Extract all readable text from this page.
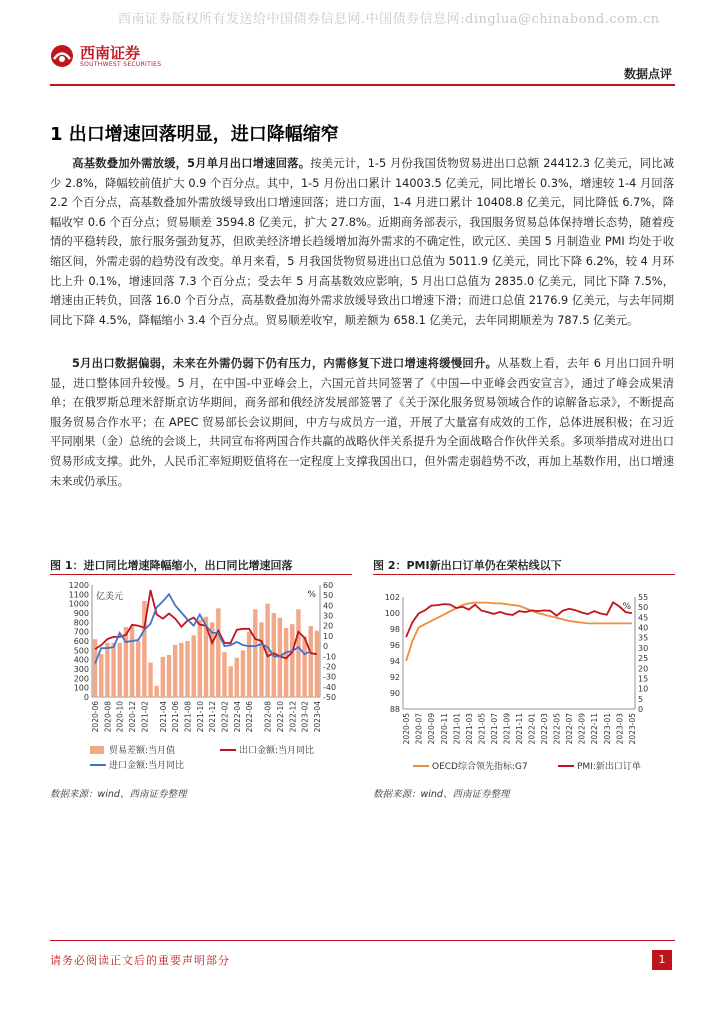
西南证券版权所有发送给中国债券信息网.中国债券信息网:dinglua@chinabond.com.cn
西南证券
SOUTHWEST SECURITIES
数据点评
1 出口增速回落明显，进口降幅缩窄
高基数叠加外需放缓，5月单月出口增速回落。按美元计，1-5 月份我国货物贸易进出口总额 24412.3 亿美元，同比减少 2.8%，降幅较前值扩大 0.9 个百分点。其中，1-5 月份出口累计 14003.5 亿美元，同比增长 0.3%，增速较 1-4 月回落 2.2 个百分点，高基数叠加外需放缓导致出口增速回落；进口方面，1-4 月进口累计 10408.8 亿美元，同比降低 6.7%，降幅收窄 0.6 个百分点；贸易顺差 3594.8 亿美元，扩大 27.8%。近期商务部表示，我国服务贸易总体保持增长态势，随着疫情的平稳转段，旅行服务强劲复苏，但欧美经济增长趋缓增加海外需求的不确定性，欧元区、美国 5 月制造业 PMI 均处于收缩区间，外需走弱的趋势没有改变。单月来看，5 月我国货物贸易进出口总值为 5011.9 亿美元，同比下降 6.2%，较 4 月环比上升 0.1%，增速回落 7.3 个百分点；受去年 5 月高基数效应影响，5 月出口总值为 2835.0 亿美元，同比下降 7.5%，增速由正转负，回落 16.0 个百分点，高基数叠加海外需求放缓导致出口增速下滑；而进口总值 2176.9 亿美元，与去年同期同比下降 4.5%，降幅缩小 3.4 个百分点。贸易顺差收窄，顺差额为 658.1 亿美元，去年同期顺差为 787.5 亿美元。
5月出口数据偏弱，未来在外需仍弱下仍有压力，内需修复下进口增速将缓慢回升。从基数上看，去年 6 月出口回升明显，进口整体回升较慢。5 月，在中国-中亚峰会上，六国元首共同签署了《中国—中亚峰会西安宣言》，通过了峰会成果清单；在俄罗斯总理米舒斯京访华期间，商务部和俄经济发展部签署了《关于深化服务贸易领域合作的谅解备忘录》，不断提高服务贸易合作水平；在 APEC 贸易部长会议期间，中方与成员方一道，开展了大量富有成效的工作，总体进展积极；在习近平同刚果（金）总统的会谈上，共同宣布将两国合作共赢的战略伙伴关系提升为全面战略合作伙伴关系。多项举措成对进出口贸易形成支撑。此外，人民币汇率短期贬值将在一定程度上支撑我国出口，但外需走弱趋势不改，再加上基数作用，出口增速未来或仍承压。
图 1：进口同比增速降幅缩小，出口同比增速回落	图 2：PMI新出口订单仍在荣枯线以下
0
100
200
300
400
500
600
700
800
900
1000
1100
1200
-50
-40
-30
-20
-10
0
10
20
30
40
50
60
亿美元	%
2020-06 2020-08 2020-10 2020-12 2021-02 2021-04 2021-06 2021-08 2021-10 2021-12 2022-02 2022-04 2022-06 2022-08 2022-10 2022-12 2023-02 2023-04
贸易差额:当月值	出口金额:当月同比
进口金额:当月同比
88
90
92
94
96
98
100
102
0
5
10
15
20
25
30
35
40
45
50
55
%
2020-05 2020-07 2020-09 2020-11 2021-01 2021-03 2021-05 2021-07 2021-09 2021-11 2022-01 2022-03 2022-05 2022-07 2022-09 2022-11 2023-01 2023-03 2023-05
OECD综合领先指标:G7	PMI:新出口订单
数据来源：wind、西南证券整理	数据来源：wind、西南证券整理
请务必阅读正文后的重要声明部分	1
